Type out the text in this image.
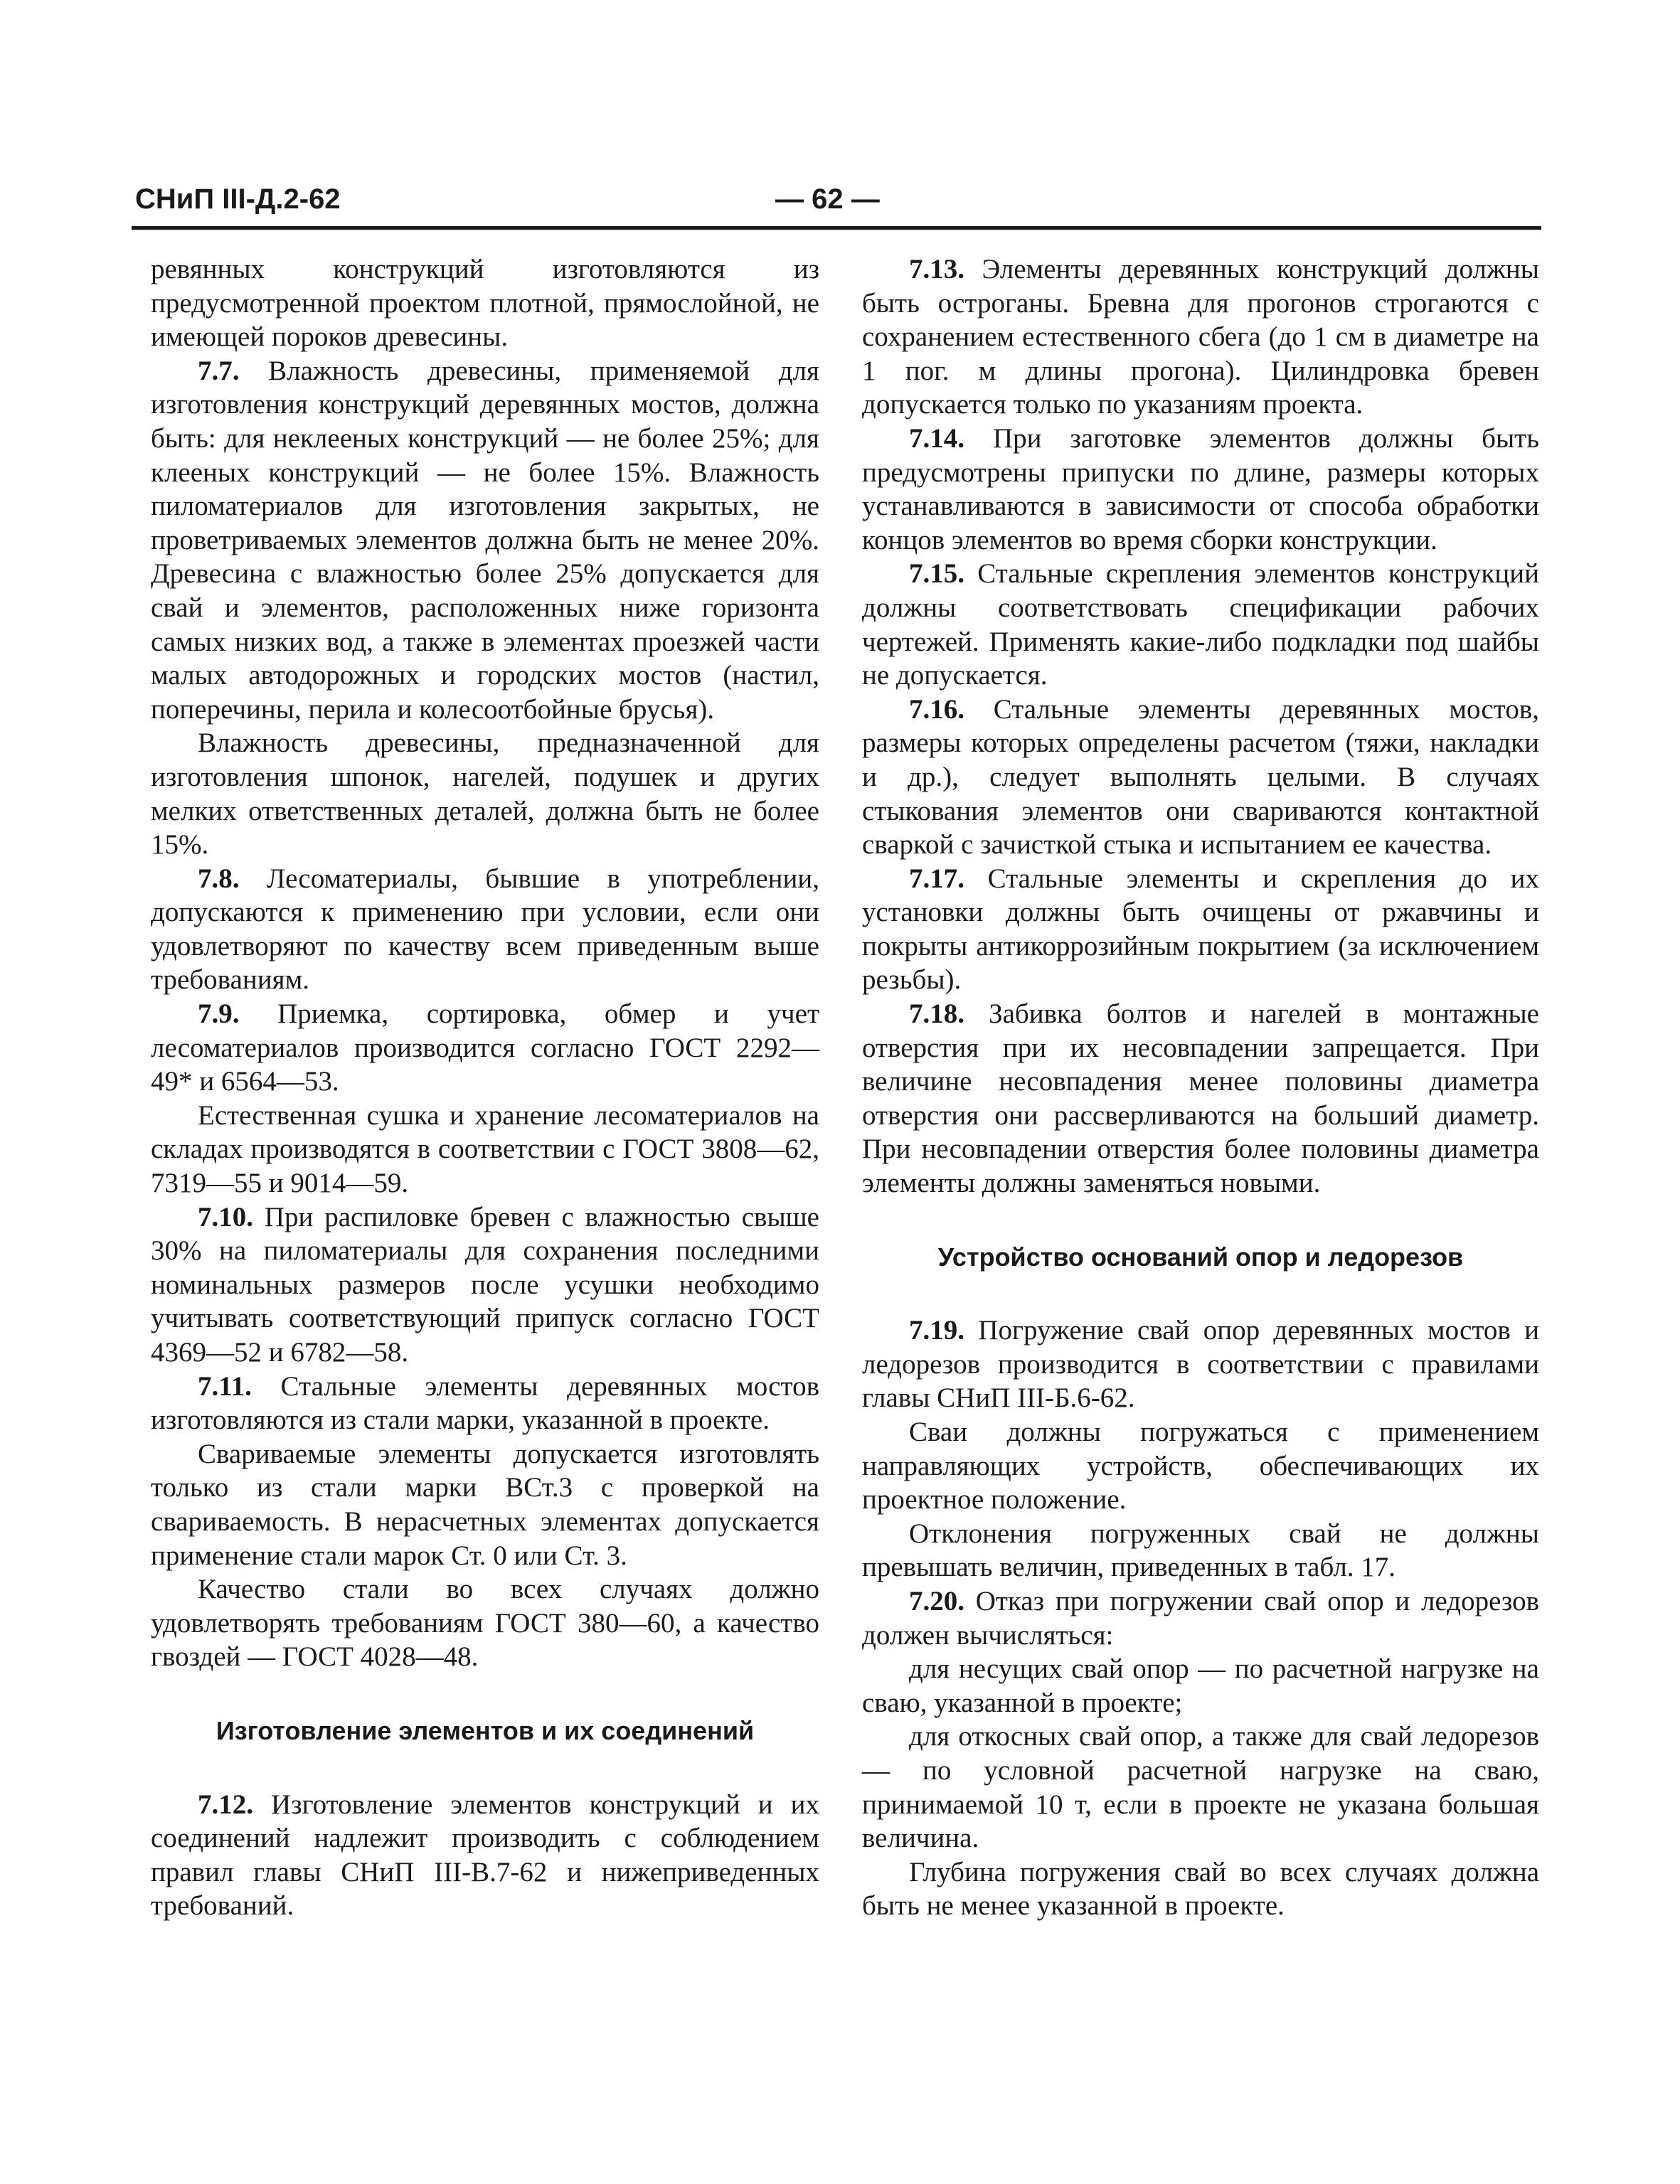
СНиП III-Д.2-62	— 62 —

ревянных конструкций изготовляются из предусмотренной проектом плотной, прямослойной, не имеющей пороков древесины.

7.7. Влажность древесины, применяемой для изготовления конструкций деревянных мостов, должна быть: для неклееных конструкций — не более 25%; для клееных конструкций — не более 15%. Влажность пиломатериалов для изготовления закрытых, не проветриваемых элементов должна быть не менее 20%. Древесина с влажностью более 25% допускается для свай и элементов, расположенных ниже горизонта самых низких вод, а также в элементах проезжей части малых автодорожных и городских мостов (настил, поперечины, перила и колесоотбойные брусья).

Влажность древесины, предназначенной для изготовления шпонок, нагелей, подушек и других мелких ответственных деталей, должна быть не более 15%.

7.8. Лесоматериалы, бывшие в употреблении, допускаются к применению при условии, если они удовлетворяют по качеству всем приведенным выше требованиям.

7.9. Приемка, сортировка, обмер и учет лесоматериалов производится согласно ГОСТ 2292—49* и 6564—53.

Естественная сушка и хранение лесоматериалов на складах производятся в соответствии с ГОСТ 3808—62, 7319—55 и 9014—59.

7.10. При распиловке бревен с влажностью свыше 30% на пиломатериалы для сохранения последними номинальных размеров после усушки необходимо учитывать соответствующий припуск согласно ГОСТ 4369—52 и 6782—58.

7.11. Стальные элементы деревянных мостов изготовляются из стали марки, указанной в проекте.

Свариваемые элементы допускается изготовлять только из стали марки ВСт.3 с проверкой на свариваемость. В нерасчетных элементах допускается применение стали марок Ст. 0 или Ст. 3.

Качество стали во всех случаях должно удовлетворять требованиям ГОСТ 380—60, а качество гвоздей — ГОСТ 4028—48.

Изготовление элементов и их соединений

7.12. Изготовление элементов конструкций и их соединений надлежит производить с соблюдением правил главы СНиП III-В.7-62 и нижеприведенных требований.

7.13. Элементы деревянных конструкций должны быть остроганы. Бревна для прогонов строгаются с сохранением естественного сбега (до 1 см в диаметре на 1 пог. м длины прогона). Цилиндровка бревен допускается только по указаниям проекта.

7.14. При заготовке элементов должны быть предусмотрены припуски по длине, размеры которых устанавливаются в зависимости от способа обработки концов элементов во время сборки конструкции.

7.15. Стальные скрепления элементов конструкций должны соответствовать спецификации рабочих чертежей. Применять какие-либо подкладки под шайбы не допускается.

7.16. Стальные элементы деревянных мостов, размеры которых определены расчетом (тяжи, накладки и др.), следует выполнять целыми. В случаях стыкования элементов они свариваются контактной сваркой с зачисткой стыка и испытанием ее качества.

7.17. Стальные элементы и скрепления до их установки должны быть очищены от ржавчины и покрыты антикоррозийным покрытием (за исключением резьбы).

7.18. Забивка болтов и нагелей в монтажные отверстия при их несовпадении запрещается. При величине несовпадения менее половины диаметра отверстия они рассверливаются на больший диаметр. При несовпадении отверстия более половины диаметра элементы должны заменяться новыми.

Устройство оснований опор и ледорезов

7.19. Погружение свай опор деревянных мостов и ледорезов производится в соответствии с правилами главы СНиП III-Б.6-62.

Сваи должны погружаться с применением направляющих устройств, обеспечивающих их проектное положение.

Отклонения погруженных свай не должны превышать величин, приведенных в табл. 17.

7.20. Отказ при погружении свай опор и ледорезов должен вычисляться:

для несущих свай опор — по расчетной нагрузке на сваю, указанной в проекте;

для откосных свай опор, а также для свай ледорезов — по условной расчетной нагрузке на сваю, принимаемой 10 т, если в проекте не указана большая величина.

Глубина погружения свай во всех случаях должна быть не менее указанной в проекте.
